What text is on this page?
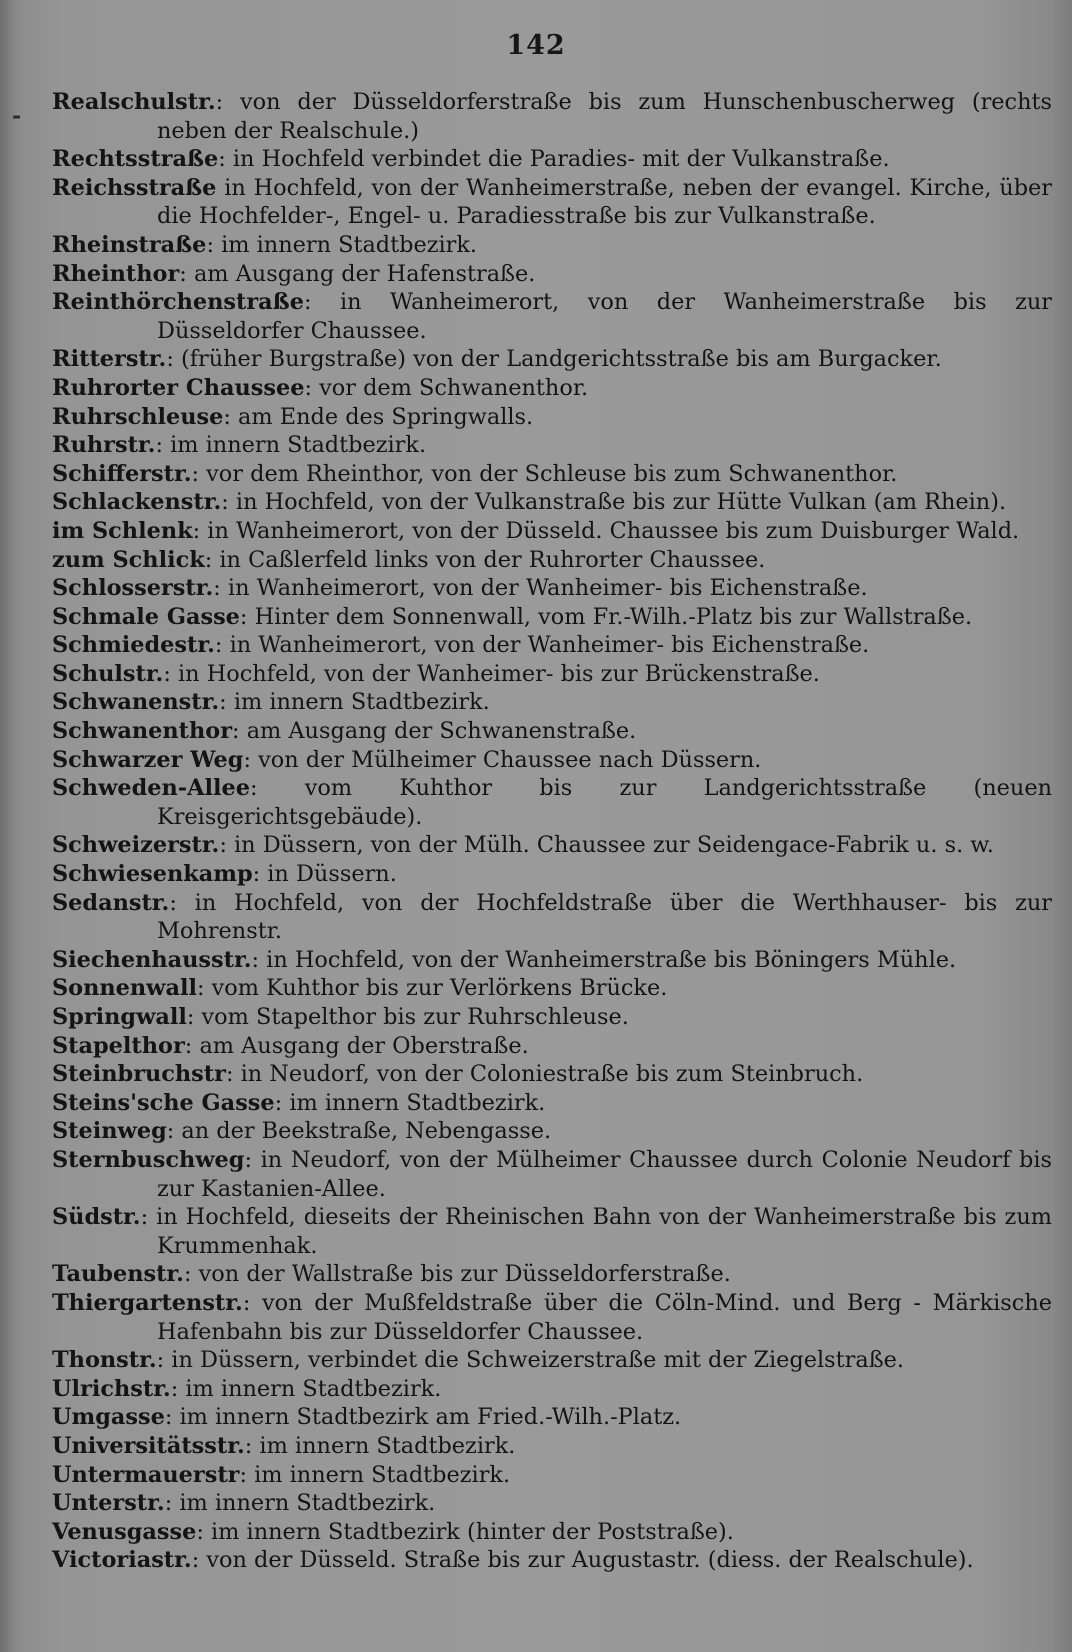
-
142
Realschulstr.: von der Düsseldorferstraße bis zum Hunschenbuscherweg (rechts neben der Realschule.)
Rechtsstraße: in Hochfeld verbindet die Paradies- mit der Vulkanstraße.
Reichsstraße in Hochfeld, von der Wanheimerstraße, neben der evangel. Kirche, über die Hochfelder-, Engel- u. Paradiesstraße bis zur Vulkanstraße.
Rheinstraße: im innern Stadtbezirk.
Rheinthor: am Ausgang der Hafenstraße.
Reinthörchenstraße: in Wanheimerort, von der Wanheimerstraße bis zur Düsseldorfer Chaussee.
Ritterstr.: (früher Burgstraße) von der Landgerichtsstraße bis am Burgacker.
Ruhrorter Chaussee: vor dem Schwanenthor.
Ruhrschleuse: am Ende des Springwalls.
Ruhrstr.: im innern Stadtbezirk.
Schifferstr.: vor dem Rheinthor, von der Schleuse bis zum Schwanenthor.
Schlackenstr.: in Hochfeld, von der Vulkanstraße bis zur Hütte Vulkan (am Rhein).
im Schlenk: in Wanheimerort, von der Düsseld. Chaussee bis zum Duisburger Wald.
zum Schlick: in Caßlerfeld links von der Ruhrorter Chaussee.
Schlosserstr.: in Wanheimerort, von der Wanheimer- bis Eichenstraße.
Schmale Gasse: Hinter dem Sonnenwall, vom Fr.-Wilh.-Platz bis zur Wallstraße.
Schmiedestr.: in Wanheimerort, von der Wanheimer- bis Eichenstraße.
Schulstr.: in Hochfeld, von der Wanheimer- bis zur Brückenstraße.
Schwanenstr.: im innern Stadtbezirk.
Schwanenthor: am Ausgang der Schwanenstraße.
Schwarzer Weg: von der Mülheimer Chaussee nach Düssern.
Schweden-Allee: vom Kuhthor bis zur Landgerichtsstraße (neuen Kreisgerichtsgebäude).
Schweizerstr.: in Düssern, von der Mülh. Chaussee zur Seidengace-Fabrik u. s. w.
Schwiesenkamp: in Düssern.
Sedanstr.: in Hochfeld, von der Hochfeldstraße über die Werthhauser- bis zur Mohrenstr.
Siechenhausstr.: in Hochfeld, von der Wanheimerstraße bis Böningers Mühle.
Sonnenwall: vom Kuhthor bis zur Verlörkens Brücke.
Springwall: vom Stapelthor bis zur Ruhrschleuse.
Stapelthor: am Ausgang der Oberstraße.
Steinbruchstr: in Neudorf, von der Coloniestraße bis zum Steinbruch.
Steins'sche Gasse: im innern Stadtbezirk.
Steinweg: an der Beekstraße, Nebengasse.
Sternbuschweg: in Neudorf, von der Mülheimer Chaussee durch Colonie Neudorf bis zur Kastanien-Allee.
Südstr.: in Hochfeld, dieseits der Rheinischen Bahn von der Wanheimerstraße bis zum Krummenhak.
Taubenstr.: von der Wallstraße bis zur Düsseldorferstraße.
Thiergartenstr.: von der Mußfeldstraße über die Cöln-Mind. und Berg - Märkische Hafenbahn bis zur Düsseldorfer Chaussee.
Thonstr.: in Düssern, verbindet die Schweizerstraße mit der Ziegelstraße.
Ulrichstr.: im innern Stadtbezirk.
Umgasse: im innern Stadtbezirk am Fried.-Wilh.-Platz.
Universitätsstr.: im innern Stadtbezirk.
Untermauerstr: im innern Stadtbezirk.
Unterstr.: im innern Stadtbezirk.
Venusgasse: im innern Stadtbezirk (hinter der Poststraße).
Victoriastr.: von der Düsseld. Straße bis zur Augustastr. (diess. der Realschule).
